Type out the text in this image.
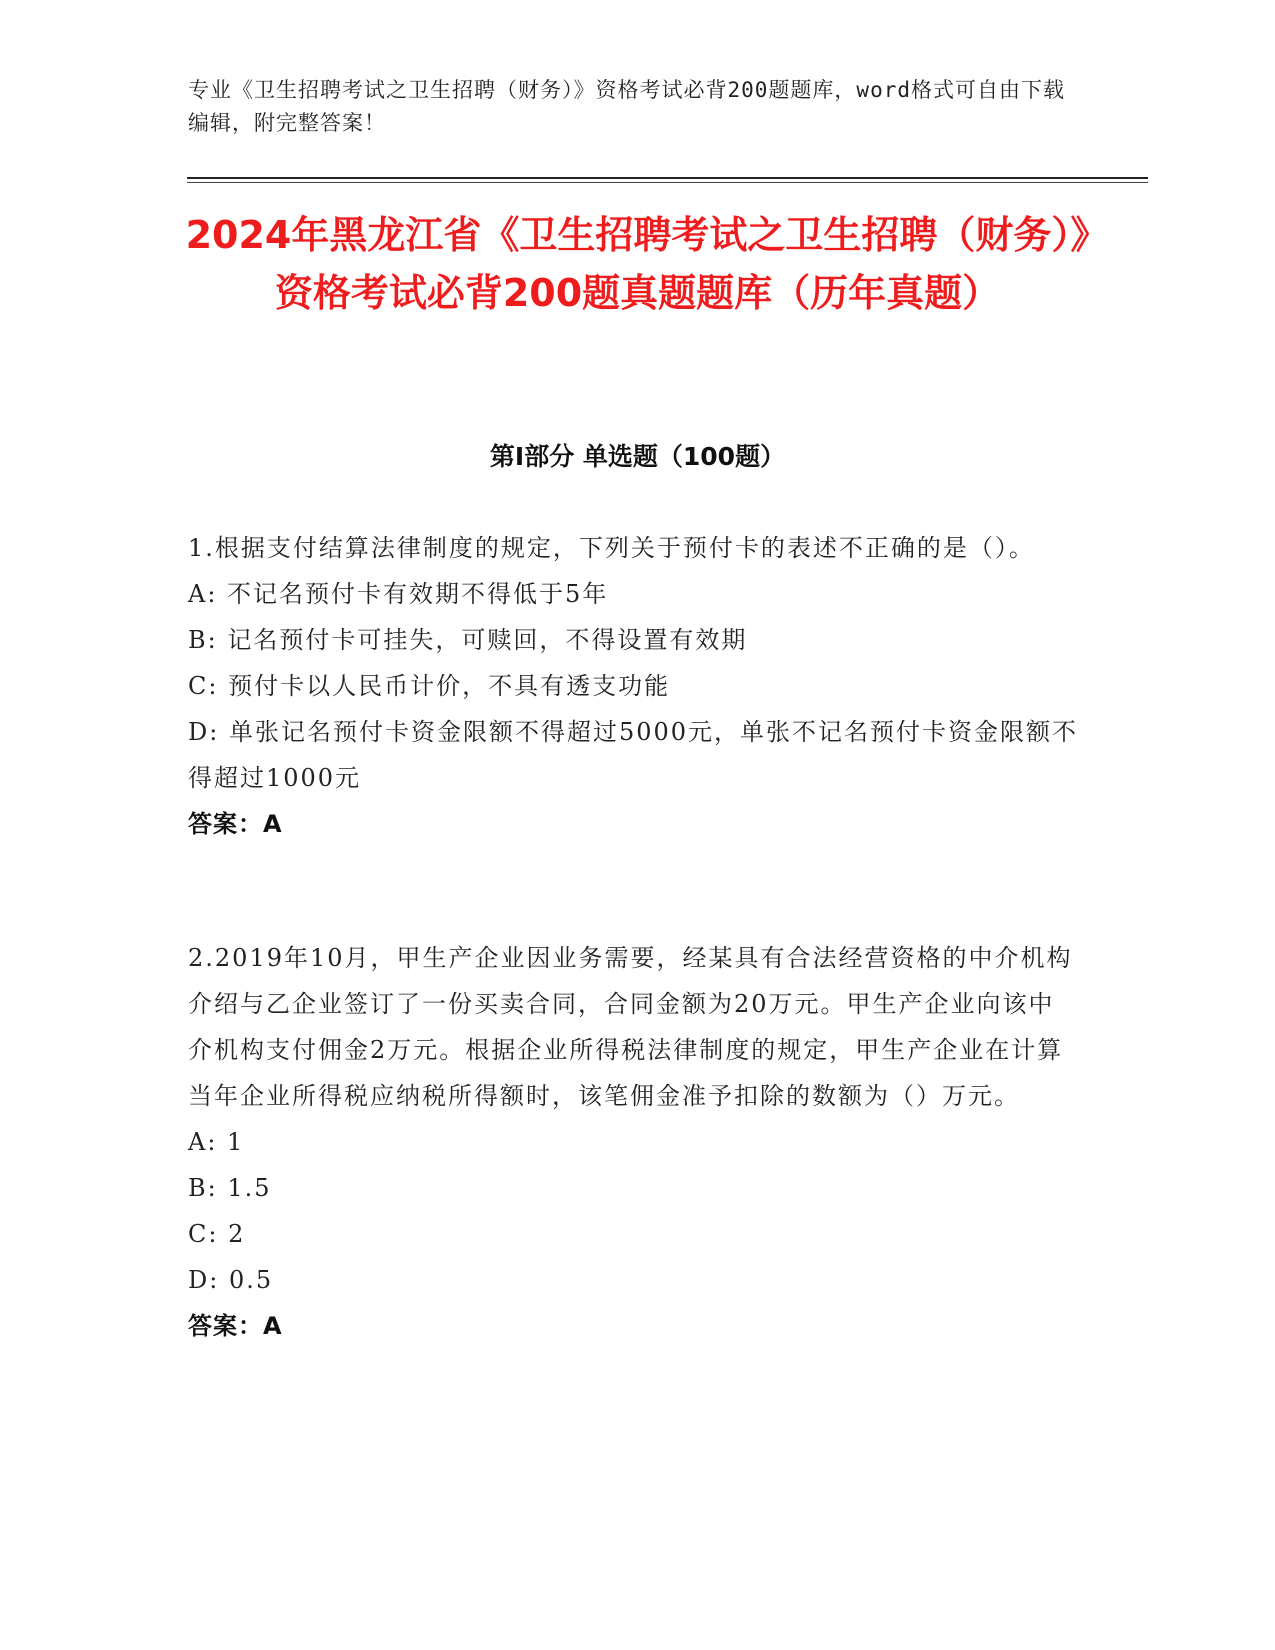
专业《卫生招聘考试之卫生招聘（财务）》资格考试必背200题题库，word格式可自由下载编辑，附完整答案！
2024年黑龙江省《卫生招聘考试之卫生招聘（财务）》资格考试必背200题真题题库（历年真题）
第I部分 单选题（100题）
1.根据支付结算法律制度的规定，下列关于预付卡的表述不正确的是（）。

A: 不记名预付卡有效期不得低于5年

B: 记名预付卡可挂失，可赎回，不得设置有效期

C: 预付卡以人民币计价，不具有透支功能

D: 单张记名预付卡资金限额不得超过5000元，单张不记名预付卡资金限额不得超过1000元

答案：A
2.2019年10月，甲生产企业因业务需要，经某具有合法经营资格的中介机构介绍与乙企业签订了一份买卖合同，合同金额为20万元。甲生产企业向该中介机构支付佣金2万元。根据企业所得税法律制度的规定，甲生产企业在计算当年企业所得税应纳税所得额时，该笔佣金准予扣除的数额为（）万元。

A: 1

B: 1.5

C: 2

D: 0.5

答案：A
